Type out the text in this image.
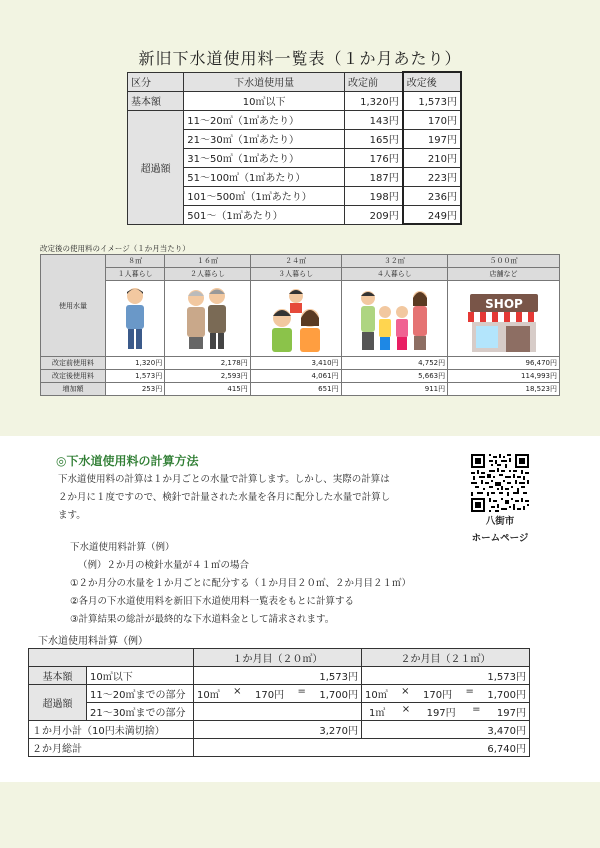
新旧下水道使用料一覧表（１か月あたり）
区分	下水道使用量	改定前	改定後
基本額	10㎥以下	1,320円	1,573円
超過額	11～20㎥（1㎥あたり）	143円	170円
	21～30㎥（1㎥あたり）	165円	197円
	31～50㎥（1㎥あたり）	176円	210円
	51～100㎥（1㎥あたり）	187円	223円
	101～500㎥（1㎥あたり）	198円	236円
	501～（1㎥あたり）	209円	249円
改定後の使用料のイメージ（１か月当たり）
使用水量	８㎥	１６㎥	２４㎥	３２㎥	５００㎥
	１人暮らし	２人暮らし	３人暮らし	４人暮らし	店舗など

SHOP

改定前使用料	1,320円	2,178円	3,410円	4,752円	96,470円
改定後使用料	1,573円	2,593円	4,061円	5,663円	114,993円
増加額	253円	415円	651円	911円	18,523円
◎下水道使用料の計算方法
下水道使用料の計算は１か月ごとの水量で計算します。しかし、実際の計算は
２か月に１度ですので、検針で計量された水量を各月に配分した水量で計算し
ます。
八街市
ホームページ
下水道使用料計算（例）
（例）２か月の検針水量が４１㎥の場合
①２か月分の水量を１か月ごとに配分する（１か月目２０㎥、２か月目２１㎥）
②各月の下水道使用料を新旧下水道使用料一覧表をもとに計算する
③計算結果の総計が最終的な下水道料金として請求されます。
下水道使用料計算（例）
		１か月目（２０㎥）	２か月目（２１㎥）
基本額	10㎥以下	1,573円	1,573円
超過額	11～20㎥までの部分	10㎥ × 170円 = 1,700円	10㎥ × 170円 = 1,700円

	21～30㎥までの部分		1㎥ × 197円 = 197円

１か月小計（10円未満切捨）		3,270円	3,470円
２か月総計		6,740円	
